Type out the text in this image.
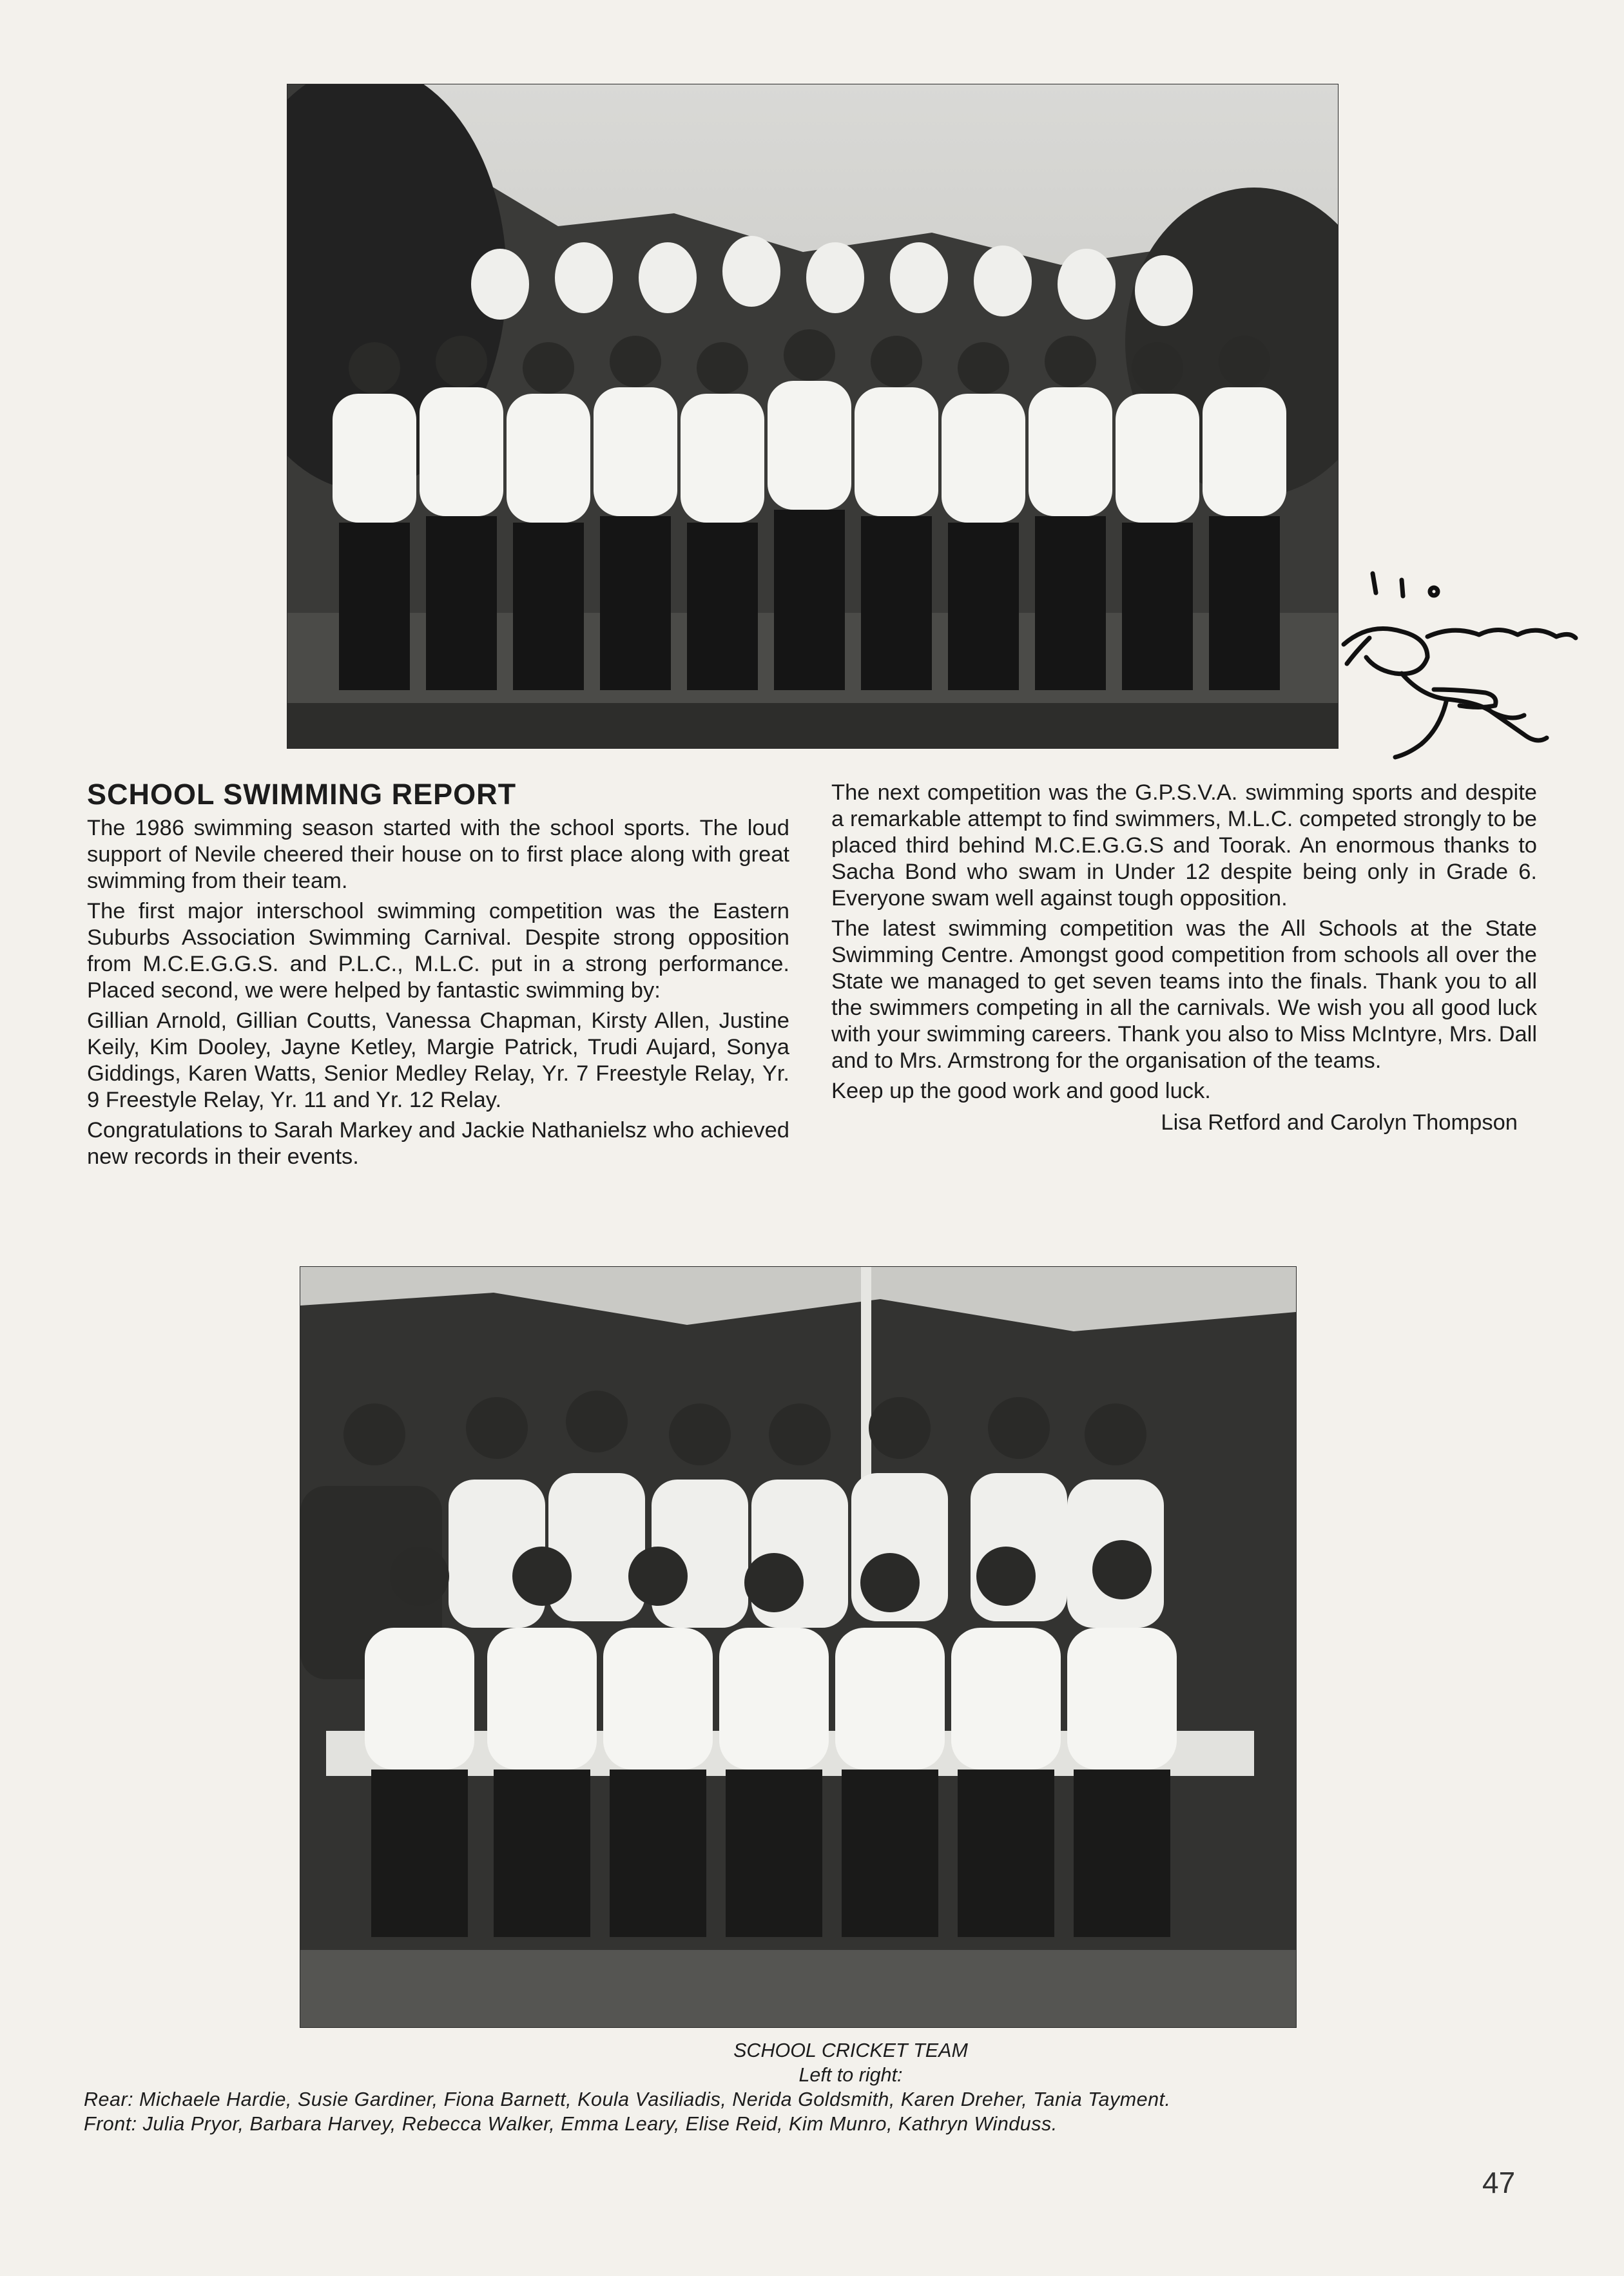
SCHOOL SWIMMING REPORT

The 1986 swimming season started with the school sports. The loud support of Nevile cheered their house on to first place along with great swimming from their team.

The first major interschool swimming competition was the Eastern Suburbs Association Swimming Carnival. Despite strong opposition from M.C.E.G.G.S. and P.L.C., M.L.C. put in a strong performance. Placed second, we were helped by fantastic swimming by:

Gillian Arnold, Gillian Coutts, Vanessa Chapman, Kirsty Allen, Justine Keily, Kim Dooley, Jayne Ketley, Margie Patrick, Trudi Aujard, Sonya Giddings, Karen Watts, Senior Medley Relay, Yr. 7 Freestyle Relay, Yr. 9 Freestyle Relay, Yr. 11 and Yr. 12 Relay.

Congratulations to Sarah Markey and Jackie Nathanielsz who achieved new records in their events.

The next competition was the G.P.S.V.A. swimming sports and despite a remarkable attempt to find swimmers, M.L.C. competed strongly to be placed third behind M.C.E.G.G.S and Toorak. An enormous thanks to Sacha Bond who swam in Under 12 despite being only in Grade 6. Everyone swam well against tough opposition.

The latest swimming competition was the All Schools at the State Swimming Centre. Amongst good competition from schools all over the State we managed to get seven teams into the finals. Thank you to all the swimmers competing in all the carnivals. We wish you all good luck with your swimming careers. Thank you also to Miss McIntyre, Mrs. Dall and to Mrs. Armstrong for the organisation of the teams.

Keep up the good work and good luck.

Lisa Retford and Carolyn Thompson
SCHOOL CRICKET TEAM
Left to right:
Rear: Michaele Hardie, Susie Gardiner, Fiona Barnett, Koula Vasiliadis, Nerida Goldsmith, Karen Dreher, Tania Tayment.
Front: Julia Pryor, Barbara Harvey, Rebecca Walker, Emma Leary, Elise Reid, Kim Munro, Kathryn Winduss.
47
